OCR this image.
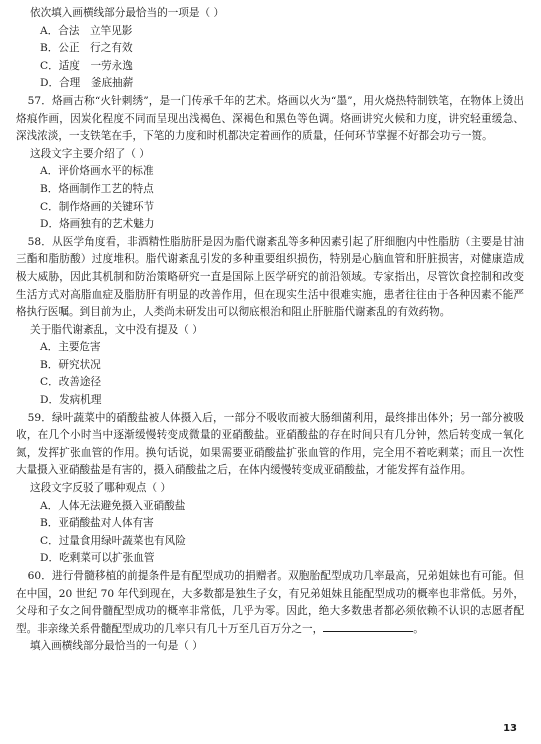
依次填入画横线部分最恰当的一项是（ ）

A．合法　立竿见影

B．公正　行之有效

C．适度　一劳永逸

D．合理　釜底抽薪

57．烙画古称“火针刺绣”，是一门传承千年的艺术。烙画以火为“墨”，用火烧热特制铁笔，在物体上烫出烙痕作画，因炭化程度不同而呈现出浅褐色、深褐色和黑色等色调。烙画讲究火候和力度，讲究轻重缓急、深浅浓淡，一支铁笔在手，下笔的力度和时机都决定着画作的质量，任何环节掌握不好都会功亏一篑。

这段文字主要介绍了（ ）

A．评价烙画水平的标准

B．烙画制作工艺的特点

C．制作烙画的关键环节

D．烙画独有的艺术魅力

58．从医学角度看，非酒精性脂肪肝是因为脂代谢紊乱等多种因素引起了肝细胞内中性脂肪（主要是甘油三酯和脂肪酸）过度堆积。脂代谢紊乱引发的多种重要组织损伤，特别是心脑血管和肝脏损害，对健康造成极大威胁，因此其机制和防治策略研究一直是国际上医学研究的前沿领域。专家指出，尽管饮食控制和改变生活方式对高脂血症及脂肪肝有明显的改善作用，但在现实生活中很难实施，患者往往由于各种因素不能严格执行医嘱。到目前为止，人类尚未研发出可以彻底根治和阻止肝脏脂代谢紊乱的有效药物。

关于脂代谢紊乱，文中没有提及（ ）

A．主要危害

B．研究状况

C．改善途径

D．发病机理

59．绿叶蔬菜中的硝酸盐被人体摄入后，一部分不吸收而被大肠细菌利用，最终排出体外；另一部分被吸收，在几个小时当中逐渐缓慢转变成微量的亚硝酸盐。亚硝酸盐的存在时间只有几分钟，然后转变成一氧化氮，发挥扩张血管的作用。换句话说，如果需要亚硝酸盐扩张血管的作用，完全用不着吃剩菜；而且一次性大量摄入亚硝酸盐是有害的，摄入硝酸盐之后，在体内缓慢转变成亚硝酸盐，才能发挥有益作用。

这段文字反驳了哪种观点（ ）

A．人体无法避免摄入亚硝酸盐

B．亚硝酸盐对人体有害

C．过量食用绿叶蔬菜也有风险

D．吃剩菜可以扩张血管

60．进行骨髓移植的前提条件是有配型成功的捐赠者。双胞胎配型成功几率最高，兄弟姐妹也有可能。但在中国，20 世纪 70 年代到现在，大多数都是独生子女，有兄弟姐妹且能配型成功的概率也非常低。另外，父母和子女之间骨髓配型成功的概率非常低，几乎为零。因此，绝大多数患者都必须依赖不认识的志愿者配型。非亲缘关系骨髓配型成功的几率只有几十万至几百万分之一，	。

填入画横线部分最恰当的一句是（ ）

13
